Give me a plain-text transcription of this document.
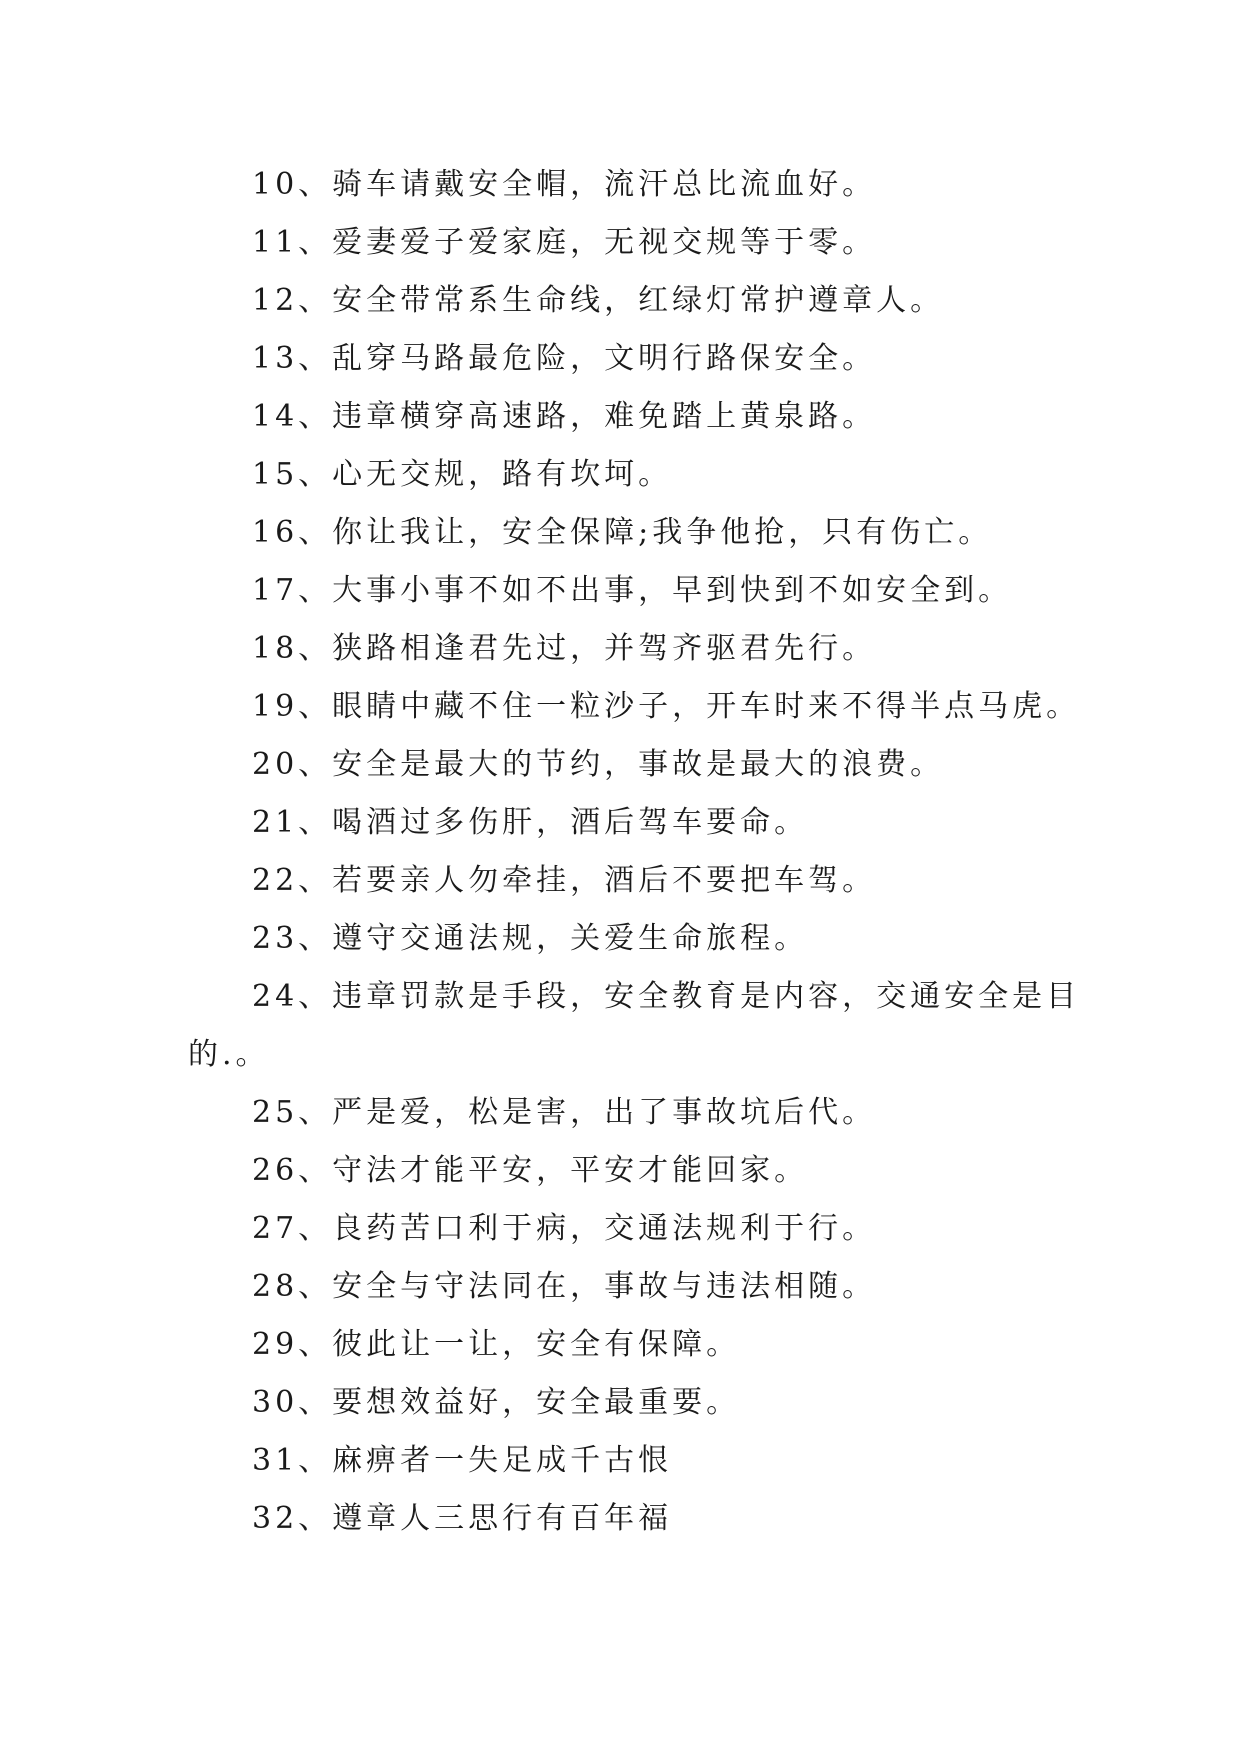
10、骑车请戴安全帽，流汗总比流血好。
11、爱妻爱子爱家庭，无视交规等于零。
12、安全带常系生命线，红绿灯常护遵章人。
13、乱穿马路最危险，文明行路保安全。
14、违章横穿高速路，难免踏上黄泉路。
15、心无交规，路有坎坷。
16、你让我让，安全保障;我争他抢，只有伤亡。
17、大事小事不如不出事，早到快到不如安全到。
18、狭路相逢君先过，并驾齐驱君先行。
19、眼睛中藏不住一粒沙子，开车时来不得半点马虎。
20、安全是最大的节约，事故是最大的浪费。
21、喝酒过多伤肝，酒后驾车要命。
22、若要亲人勿牵挂，酒后不要把车驾。
23、遵守交通法规，关爱生命旅程。
24、违章罚款是手段，安全教育是内容，交通安全是目
的.。
25、严是爱，松是害，出了事故坑后代。
26、守法才能平安，平安才能回家。
27、良药苦口利于病，交通法规利于行。
28、安全与守法同在，事故与违法相随。
29、彼此让一让，安全有保障。
30、要想效益好，安全最重要。
31、麻痹者一失足成千古恨
32、遵章人三思行有百年福
